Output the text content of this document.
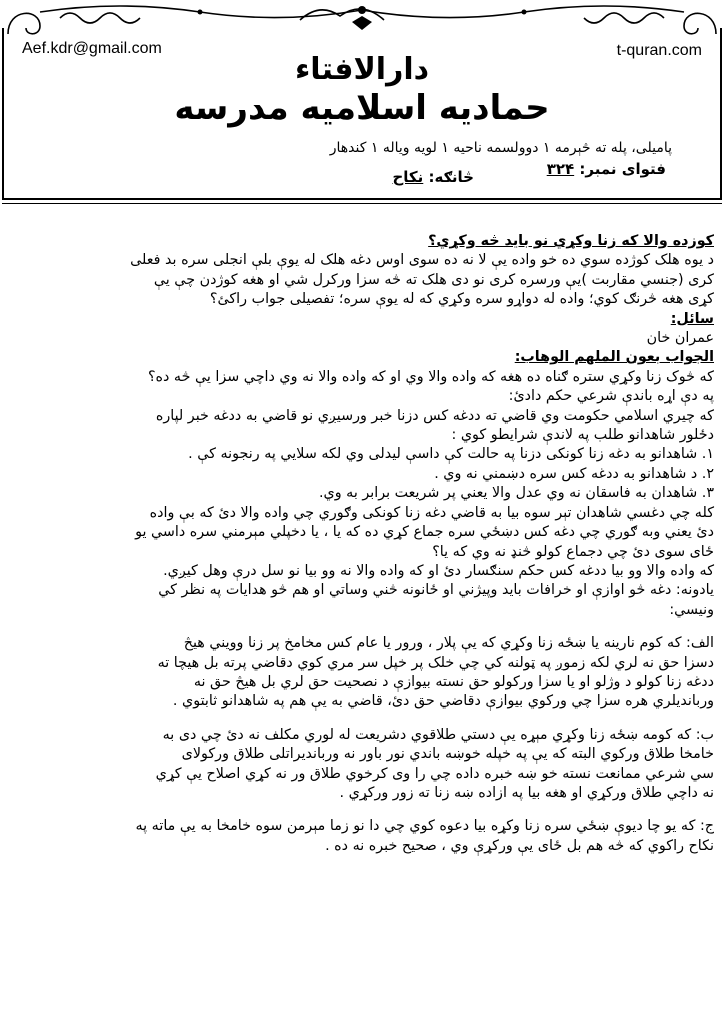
Aef.kdr@gmail.com	t-quran.com
دارالافتاء
حمادیه اسلامیه مدرسه
پامیلی، پله ته څېرمه ۱ دوولسمه ناحیه ۱ لویه ویاله ۱ کندهار
فتوای نمبر: ۳۲۴
څانګه: نکاح

کوزده والا که زنا وکړي نو باید څه وکړي؟

د یوه هلک کوژده سوي ده خو واده یې لا نه ده سوی اوس دغه هلک له یوې بلې انجلی سره بد فعلی

کری (جنسي مقاربت )یې ورسره کری نو دی هلک ته څه سزا ورکرل شي او هغه کوژدن چې یې

کړی هغه څرنګ کوي؛ واده له دواړو سره وکړي که له یوې سره؛ تفصیلی جواب راکئ؟

سائل:

عمران خان

الجواب بعون الملهم الوهاب:

که څوک زنا وکړي ستره ګناه ده هغه که واده والا وي او که واده والا نه وي داچي سزا یې څه ده؟

په دې اړه باندې شرعي حکم دادئ:

که چیري اسلامي حکومت وي قاضي ته ددغه کس دزنا خبر ورسیږي نو قاضي به ددغه خبر لپاره

دځلور شاهدانو طلب په لاندې شرایطو کوي :

۱. شاهدانو به دغه زنا کونکی دزنا په حالت کې داسې لیدلی وي لکه سلایي په رنجونه کې .

۲. د شاهدانو به ددغه کس سره دښمني نه وي .

۳. شاهدان به فاسقان نه وي عدل والا یعني پر شریعت برابر به وي.

کله چي دغسي شاهدان تېر سوه بیا به قاضي دغه زنا کونکی وګوري چي واده والا دئ که بې واده

دئ یعني وبه ګوري چي دغه کس دښځي سره جماع کړي ده که یا ، یا دخپلي مېرمني سره داسي یو

ځای سوی دئ چي دجماع کولو څنډ نه وي که یا؟

که واده والا وو بیا ددغه کس حکم سنګسار دئ او که واده والا نه وو بیا نو سل درې وهل کیږي.

یادونه: دغه څو اوازې او خرافات باید وپیژني او ځانونه څني وساتي او هم څو هدایات په نظر کي

ونیسي:

الف: که کوم نارینه یا ښځه زنا وکړي که یې پلار ، ورور یا عام کس مخامخ پر زنا وویني هیڅ

دسزا حق نه لري لکه زموږ په ټولنه کي چي خلک پر خپل سر مري کوي دقاضي پرته بل هیچا ته

ددغه زنا کولو د وژلو او یا سزا ورکولو حق نسته بیوازې د نصحیت حق لري بل هیڅ حق نه

وربانديلري هره سزا چي ورکوي بیوازې دقاضي حق دئ، قاضي به یې هم په شاهدانو ثابتوي .

ب: که کومه ښځه زنا وکړي مېړه یې دستي طلاقوي دشریعت له لوري مکلف نه دئ چي دی به

خامخا طلاق ورکوي البته که یې په خپله خوښه باندي نور باور نه وربانديراتلی طلاق ورکولای

سي شرعي ممانعت نسته خو ښه خبره داده چي را وی کرخوي طلاق ور نه کړي اصلاح یې کړي

نه داچي طلاق ورکړي او هغه بیا په ازاده ښه زنا ته زور ورکړي .

ج: که یو چا دیوې ښځي سره زنا وکړه بیا دعوه کوي چي دا نو زما مېرمن سوه خامخا به یې ماته په

نکاح راکوي که څه هم بل ځای یې ورکړې وي ، صحیح خبره نه ده .
